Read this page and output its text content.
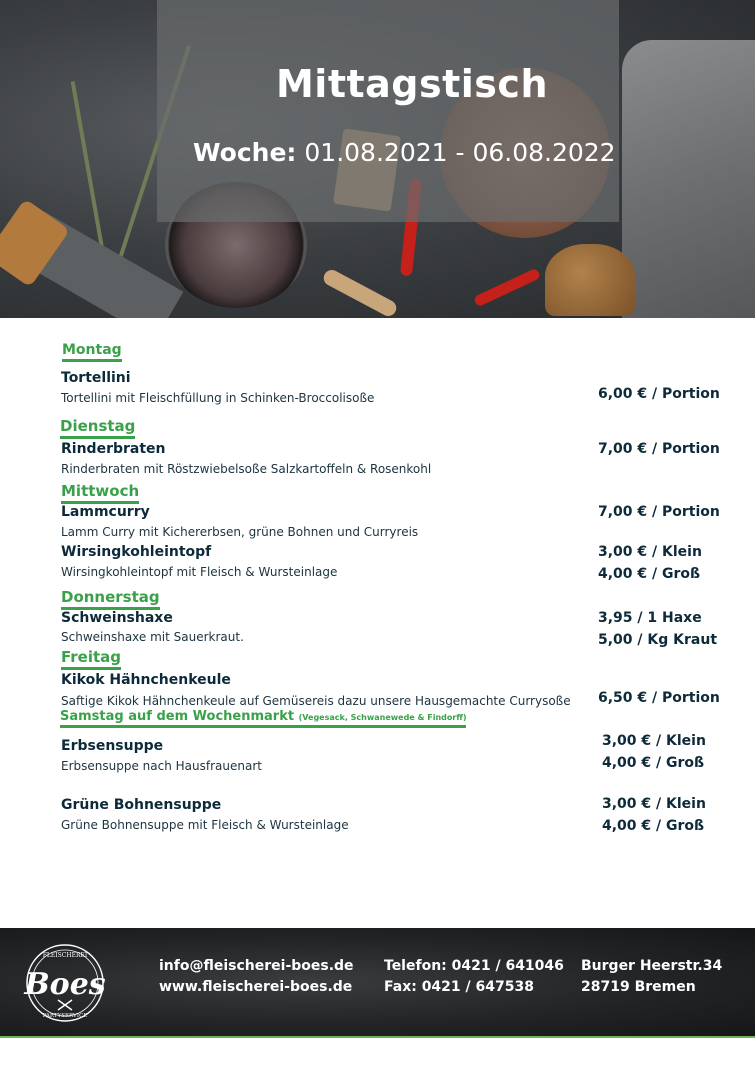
Mittagstisch
Woche: 01.08.2021 - 06.08.2022
Montag
Tortellini
Tortellini mit Fleischfüllung in Schinken-Broccolisoße	6,00 € / Portion
Dienstag
Rinderbraten
Rinderbraten mit Röstzwiebelsoße Salzkartoffeln & Rosenkohl
7,00 € / Portion
Mittwoch
Lammcurry
Lamm Curry mit Kichererbsen, grüne Bohnen und Curryreis
7,00 € / Portion
Wirsingkohleintopf
Wirsingkohleintopf mit Fleisch & Wursteinlage
3,00 € / Klein
4,00 € / Groß
Donnerstag
Schweinshaxe
Schweinshaxe mit Sauerkraut.
3,95 / 1 Haxe
5,00 / Kg Kraut
Freitag
Kikok Hähnchenkeule
Saftige Kikok Hähnchenkeule auf Gemüsereis dazu unsere Hausgemachte Currysoße 6,50 € / Portion
Samstag auf dem Wochenmarkt (Vegesack, Schwanewede & Findorff)
Erbsensuppe
Erbsensuppe nach Hausfrauenart
3,00 € / Klein
4,00 € / Groß
Grüne Bohnensuppe
Grüne Bohnensuppe mit Fleisch & Wursteinlage
3,00 € / Klein
4,00 € / Groß
FLEISCHEREI
Boes
PARTYSERVICE
info@fleischerei-boes.de
www.fleischerei-boes.de
Telefon: 0421 / 641046
Fax: 0421 / 647538
Burger Heerstr.34
28719 Bremen
